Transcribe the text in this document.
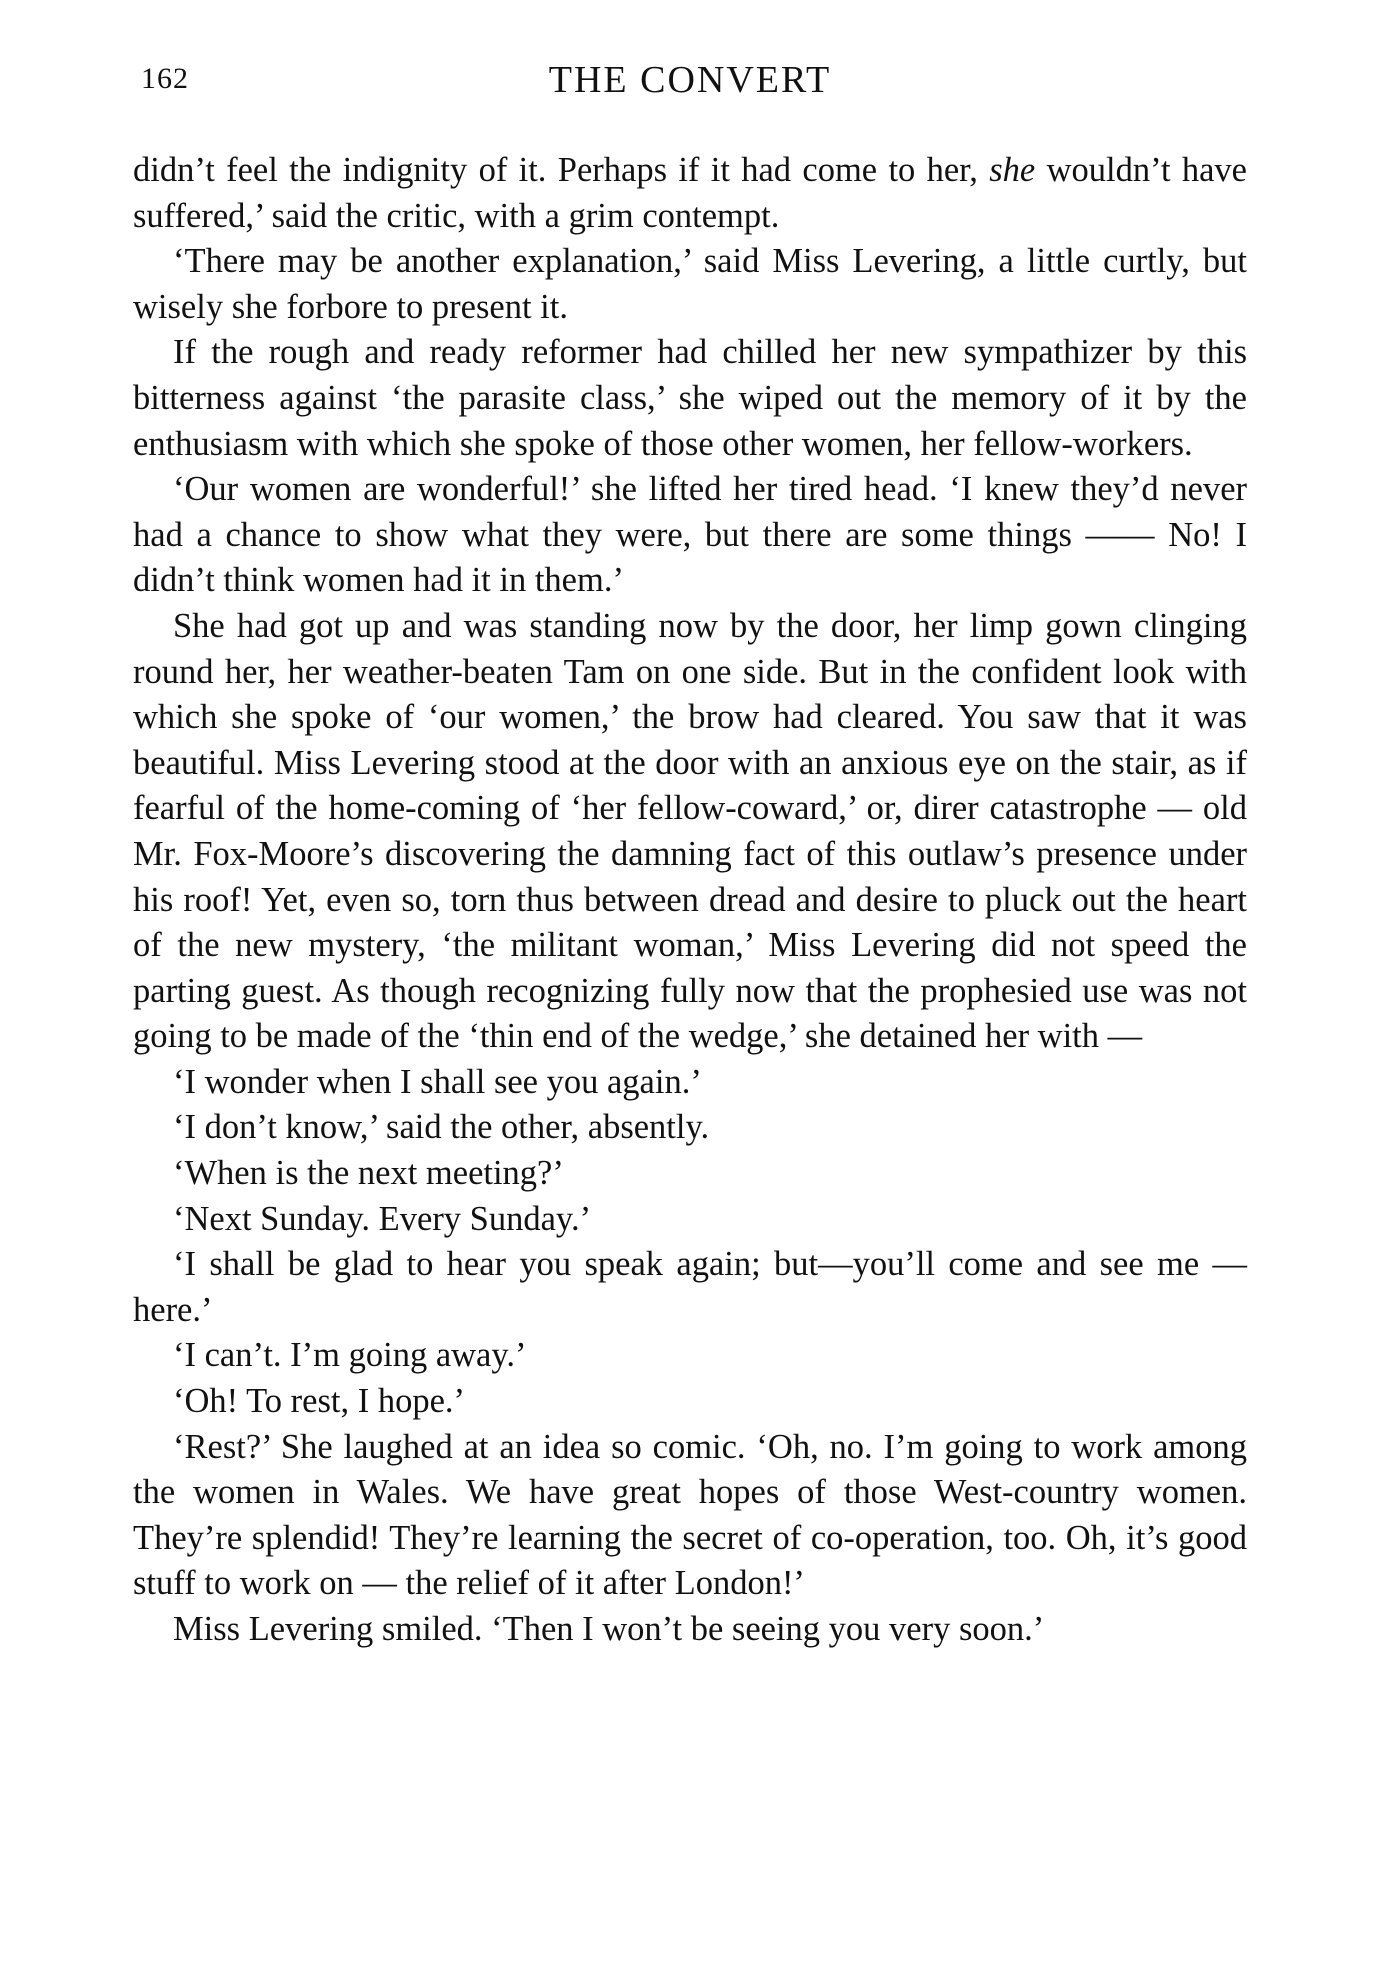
162	THE CONVERT

didn’t feel the indignity of it. Perhaps if it had come to her, she wouldn’t have suffered,’ said the critic, with a grim contempt.

‘There may be another explanation,’ said Miss Levering, a little curtly, but wisely she forbore to present it.

If the rough and ready reformer had chilled her new sympathizer by this bitterness against ‘the parasite class,’ she wiped out the memory of it by the enthusiasm with which she spoke of those other women, her fellow-workers.

‘Our women are wonderful!’ she lifted her tired head. ‘I knew they’d never had a chance to show what they were, but there are some things —— No! I didn’t think women had it in them.’

She had got up and was standing now by the door, her limp gown clinging round her, her weather-beaten Tam on one side. But in the confident look with which she spoke of ‘our women,’ the brow had cleared. You saw that it was beautiful. Miss Levering stood at the door with an anxious eye on the stair, as if fearful of the home-coming of ‘her fellow-coward,’ or, direr catastrophe — old Mr. Fox-Moore’s discovering the damning fact of this outlaw’s presence under his roof! Yet, even so, torn thus between dread and desire to pluck out the heart of the new mystery, ‘the militant woman,’ Miss Levering did not speed the parting guest. As though recognizing fully now that the prophesied use was not going to be made of the ‘thin end of the wedge,’ she detained her with —

‘I wonder when I shall see you again.’

‘I don’t know,’ said the other, absently.

‘When is the next meeting?’

‘Next Sunday. Every Sunday.’

‘I shall be glad to hear you speak again; but—you’ll come and see me — here.’

‘I can’t. I’m going away.’

‘Oh! To rest, I hope.’

‘Rest?’ She laughed at an idea so comic. ‘Oh, no. I’m going to work among the women in Wales. We have great hopes of those West-country women. They’re splendid! They’re learning the secret of co-operation, too. Oh, it’s good stuff to work on — the relief of it after London!’

Miss Levering smiled. ‘Then I won’t be seeing you very soon.’
